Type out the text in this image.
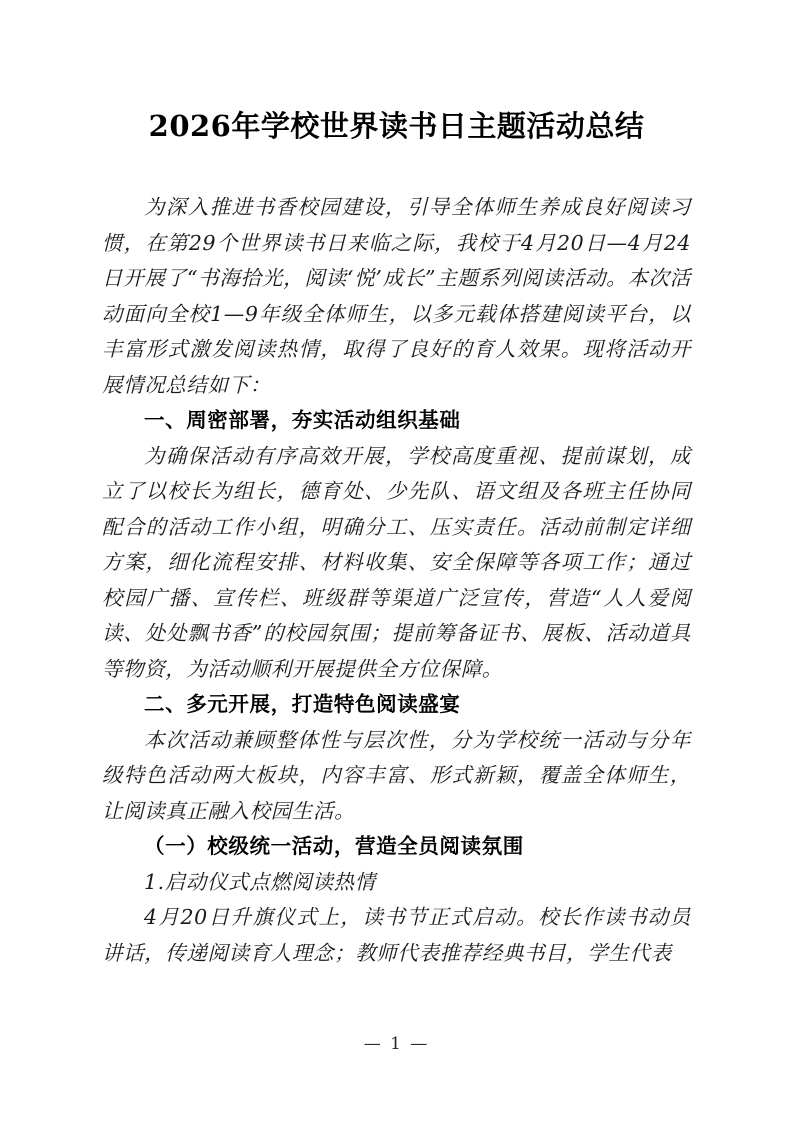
2026年学校世界读书日主题活动总结

为深入推进书香校园建设，引导全体师生养成良好阅读习惯，在第29个世界读书日来临之际，我校于4月20日—4月24日开展了“书海拾光，阅读‘悦’成长”主题系列阅读活动。本次活动面向全校1—9年级全体师生，以多元载体搭建阅读平台，以丰富形式激发阅读热情，取得了良好的育人效果。现将活动开展情况总结如下：

一、周密部署，夯实活动组织基础

为确保活动有序高效开展，学校高度重视、提前谋划，成立了以校长为组长，德育处、少先队、语文组及各班主任协同配合的活动工作小组，明确分工、压实责任。活动前制定详细方案，细化流程安排、材料收集、安全保障等各项工作；通过校园广播、宣传栏、班级群等渠道广泛宣传，营造“人人爱阅读、处处飘书香”的校园氛围；提前筹备证书、展板、活动道具等物资，为活动顺利开展提供全方位保障。

二、多元开展，打造特色阅读盛宴

本次活动兼顾整体性与层次性，分为学校统一活动与分年级特色活动两大板块，内容丰富、形式新颖，覆盖全体师生，让阅读真正融入校园生活。

（一）校级统一活动，营造全员阅读氛围

1.启动仪式点燃阅读热情

4月20日升旗仪式上，读书节正式启动。校长作读书动员讲话，传递阅读育人理念；教师代表推荐经典书目，学生代表

— 1 —
